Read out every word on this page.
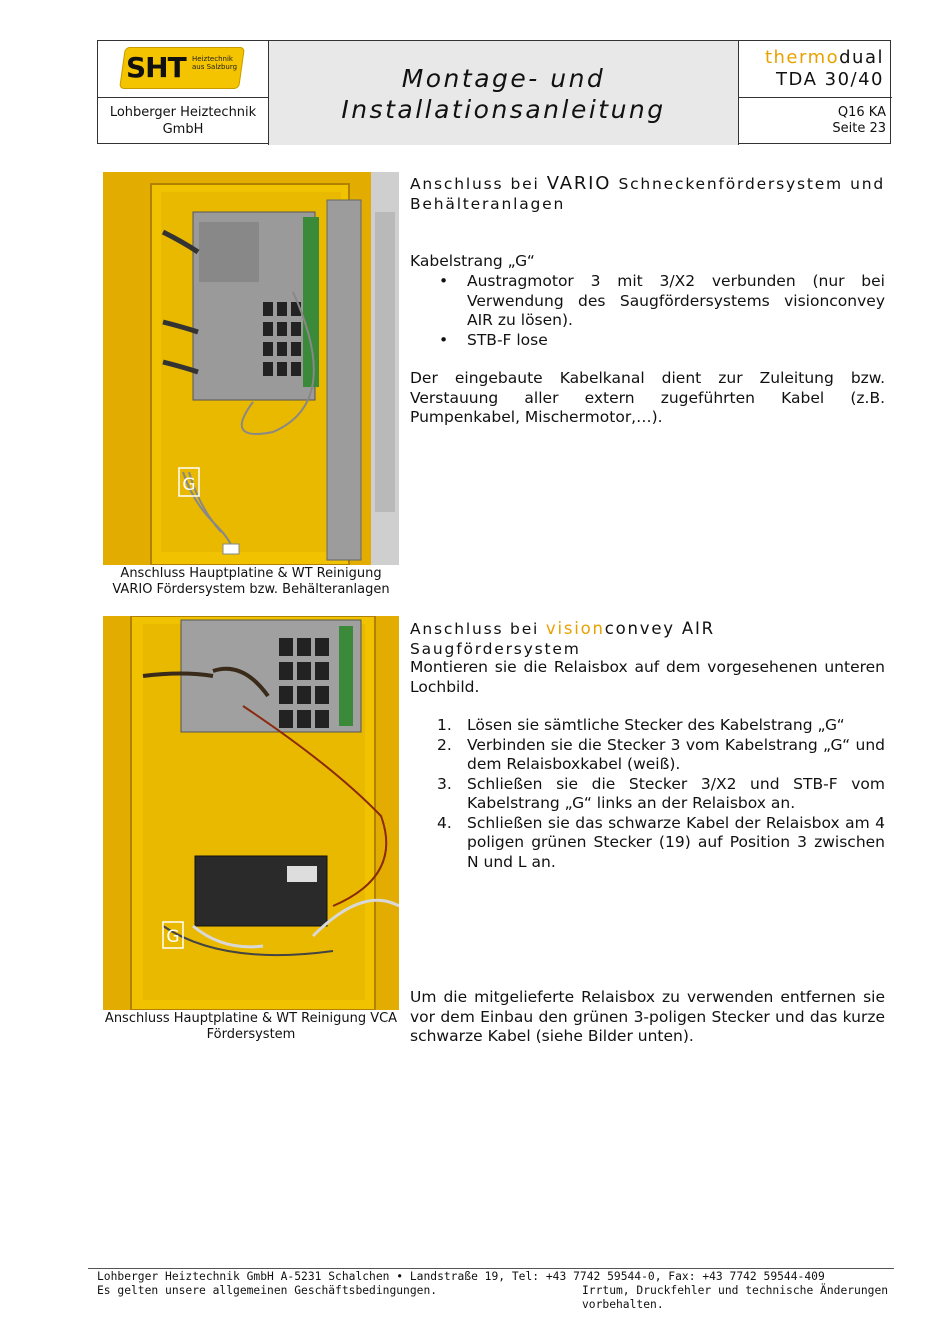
SHT Heiztechnik aus Salzburg
Lohberger Heiztechnik
GmbH
Montage- und
Installationsanleitung
thermodual
TDA 30/40
Q16 KA
Seite 23
G
Anschluss Hauptplatine & WT Reinigung
VARIO Fördersystem bzw. Behälteranlagen
Anschluss bei VARIO Schneckenfördersystem und Behälteranlagen
Kabelstrang „G“
• Austragmotor 3 mit 3/X2 verbunden (nur bei Verwendung des Saugfördersystems visionconvey AIR zu lösen).
• STB-F lose
Der eingebaute Kabelkanal dient zur Zuleitung bzw. Verstauung aller extern zugeführten Kabel (z.B. Pumpenkabel, Mischermotor,…).
G
Anschluss Hauptplatine & WT Reinigung VCA
Fördersystem
Anschluss bei visionconvey AIR Saugfördersystem
Montieren sie die Relaisbox auf dem vorgesehenen unteren Lochbild.
1. Lösen sie sämtliche Stecker des Kabelstrang „G“
2. Verbinden sie die Stecker 3 vom Kabelstrang „G“ und dem Relaisboxkabel (weiß).
3. Schließen sie die Stecker 3/X2 und STB-F vom Kabelstrang „G“ links an der Relaisbox an.
4. Schließen sie das schwarze Kabel der Relaisbox am 4 poligen grünen Stecker (19) auf Position 3 zwischen N und L an.
Um die mitgelieferte Relaisbox zu verwenden entfernen sie vor dem Einbau den grünen 3-poligen Stecker und das kurze schwarze Kabel (siehe Bilder unten).
Lohberger Heiztechnik GmbH A-5231 Schalchen • Landstraße 19, Tel: +43 7742 59544-0, Fax: +43 7742 59544-409
Es gelten unsere allgemeinen Geschäftsbedingungen.	Irrtum, Druckfehler und technische Änderungen vorbehalten.
